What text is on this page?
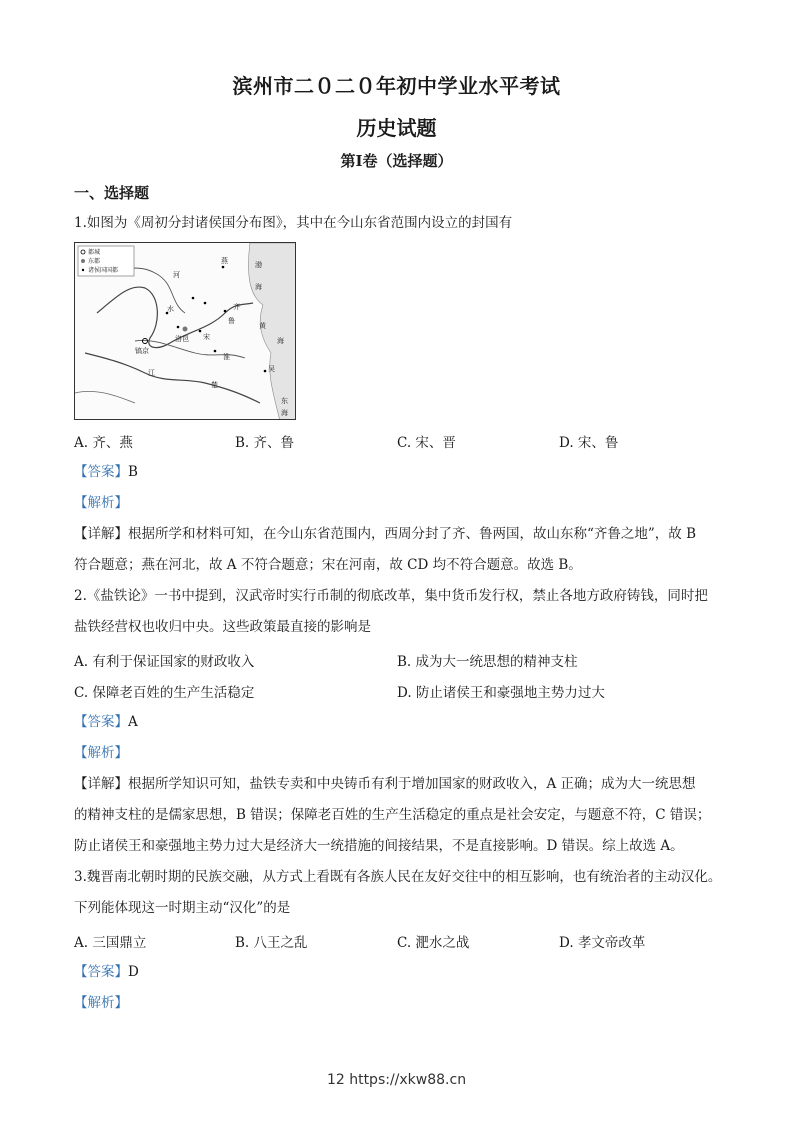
滨州市二０二０年初中学业水平考试
历史试题
第Ⅰ卷（选择题）
一、选择题
1.如图为《周初分封诸侯国分布图》，其中在今山东省范围内设立的封国有
都城
东都
诸侯国国都
燕	渤
海
河
水	齐
鲁
宋
洛邑
黄
海
镐京
江	吴
东
海
淮
楚
A. 齐、燕	B. 齐、鲁	C. 宋、晋	D. 宋、鲁
【答案】B
【解析】
【详解】根据所学和材料可知，在今山东省范围内，西周分封了齐、鲁两国，故山东称“齐鲁之地”，故 B
符合题意；燕在河北，故 A 不符合题意；宋在河南，故 CD 均不符合题意。故选 B。
2.《盐铁论》一书中提到，汉武帝时实行币制的彻底改革，集中货币发行权，禁止各地方政府铸钱，同时把
盐铁经营权也收归中央。这些政策最直接的影响是
A. 有利于保证国家的财政收入	B. 成为大一统思想的精神支柱
C. 保障老百姓的生产生活稳定	D. 防止诸侯王和豪强地主势力过大
【答案】A
【解析】
【详解】根据所学知识可知，盐铁专卖和中央铸币有利于增加国家的财政收入，A 正确；成为大一统思想
的精神支柱的是儒家思想，B 错误；保障老百姓的生产生活稳定的重点是社会安定，与题意不符，C 错误；
防止诸侯王和豪强地主势力过大是经济大一统措施的间接结果，不是直接影响。D 错误。综上故选 A。
3.魏晋南北朝时期的民族交融，从方式上看既有各族人民在友好交往中的相互影响，也有统治者的主动汉化。
下列能体现这一时期主动“汉化”的是
A. 三国鼎立	B. 八王之乱	C. 淝水之战	D. 孝文帝改革
【答案】D
【解析】
12 https://xkw88.cn
